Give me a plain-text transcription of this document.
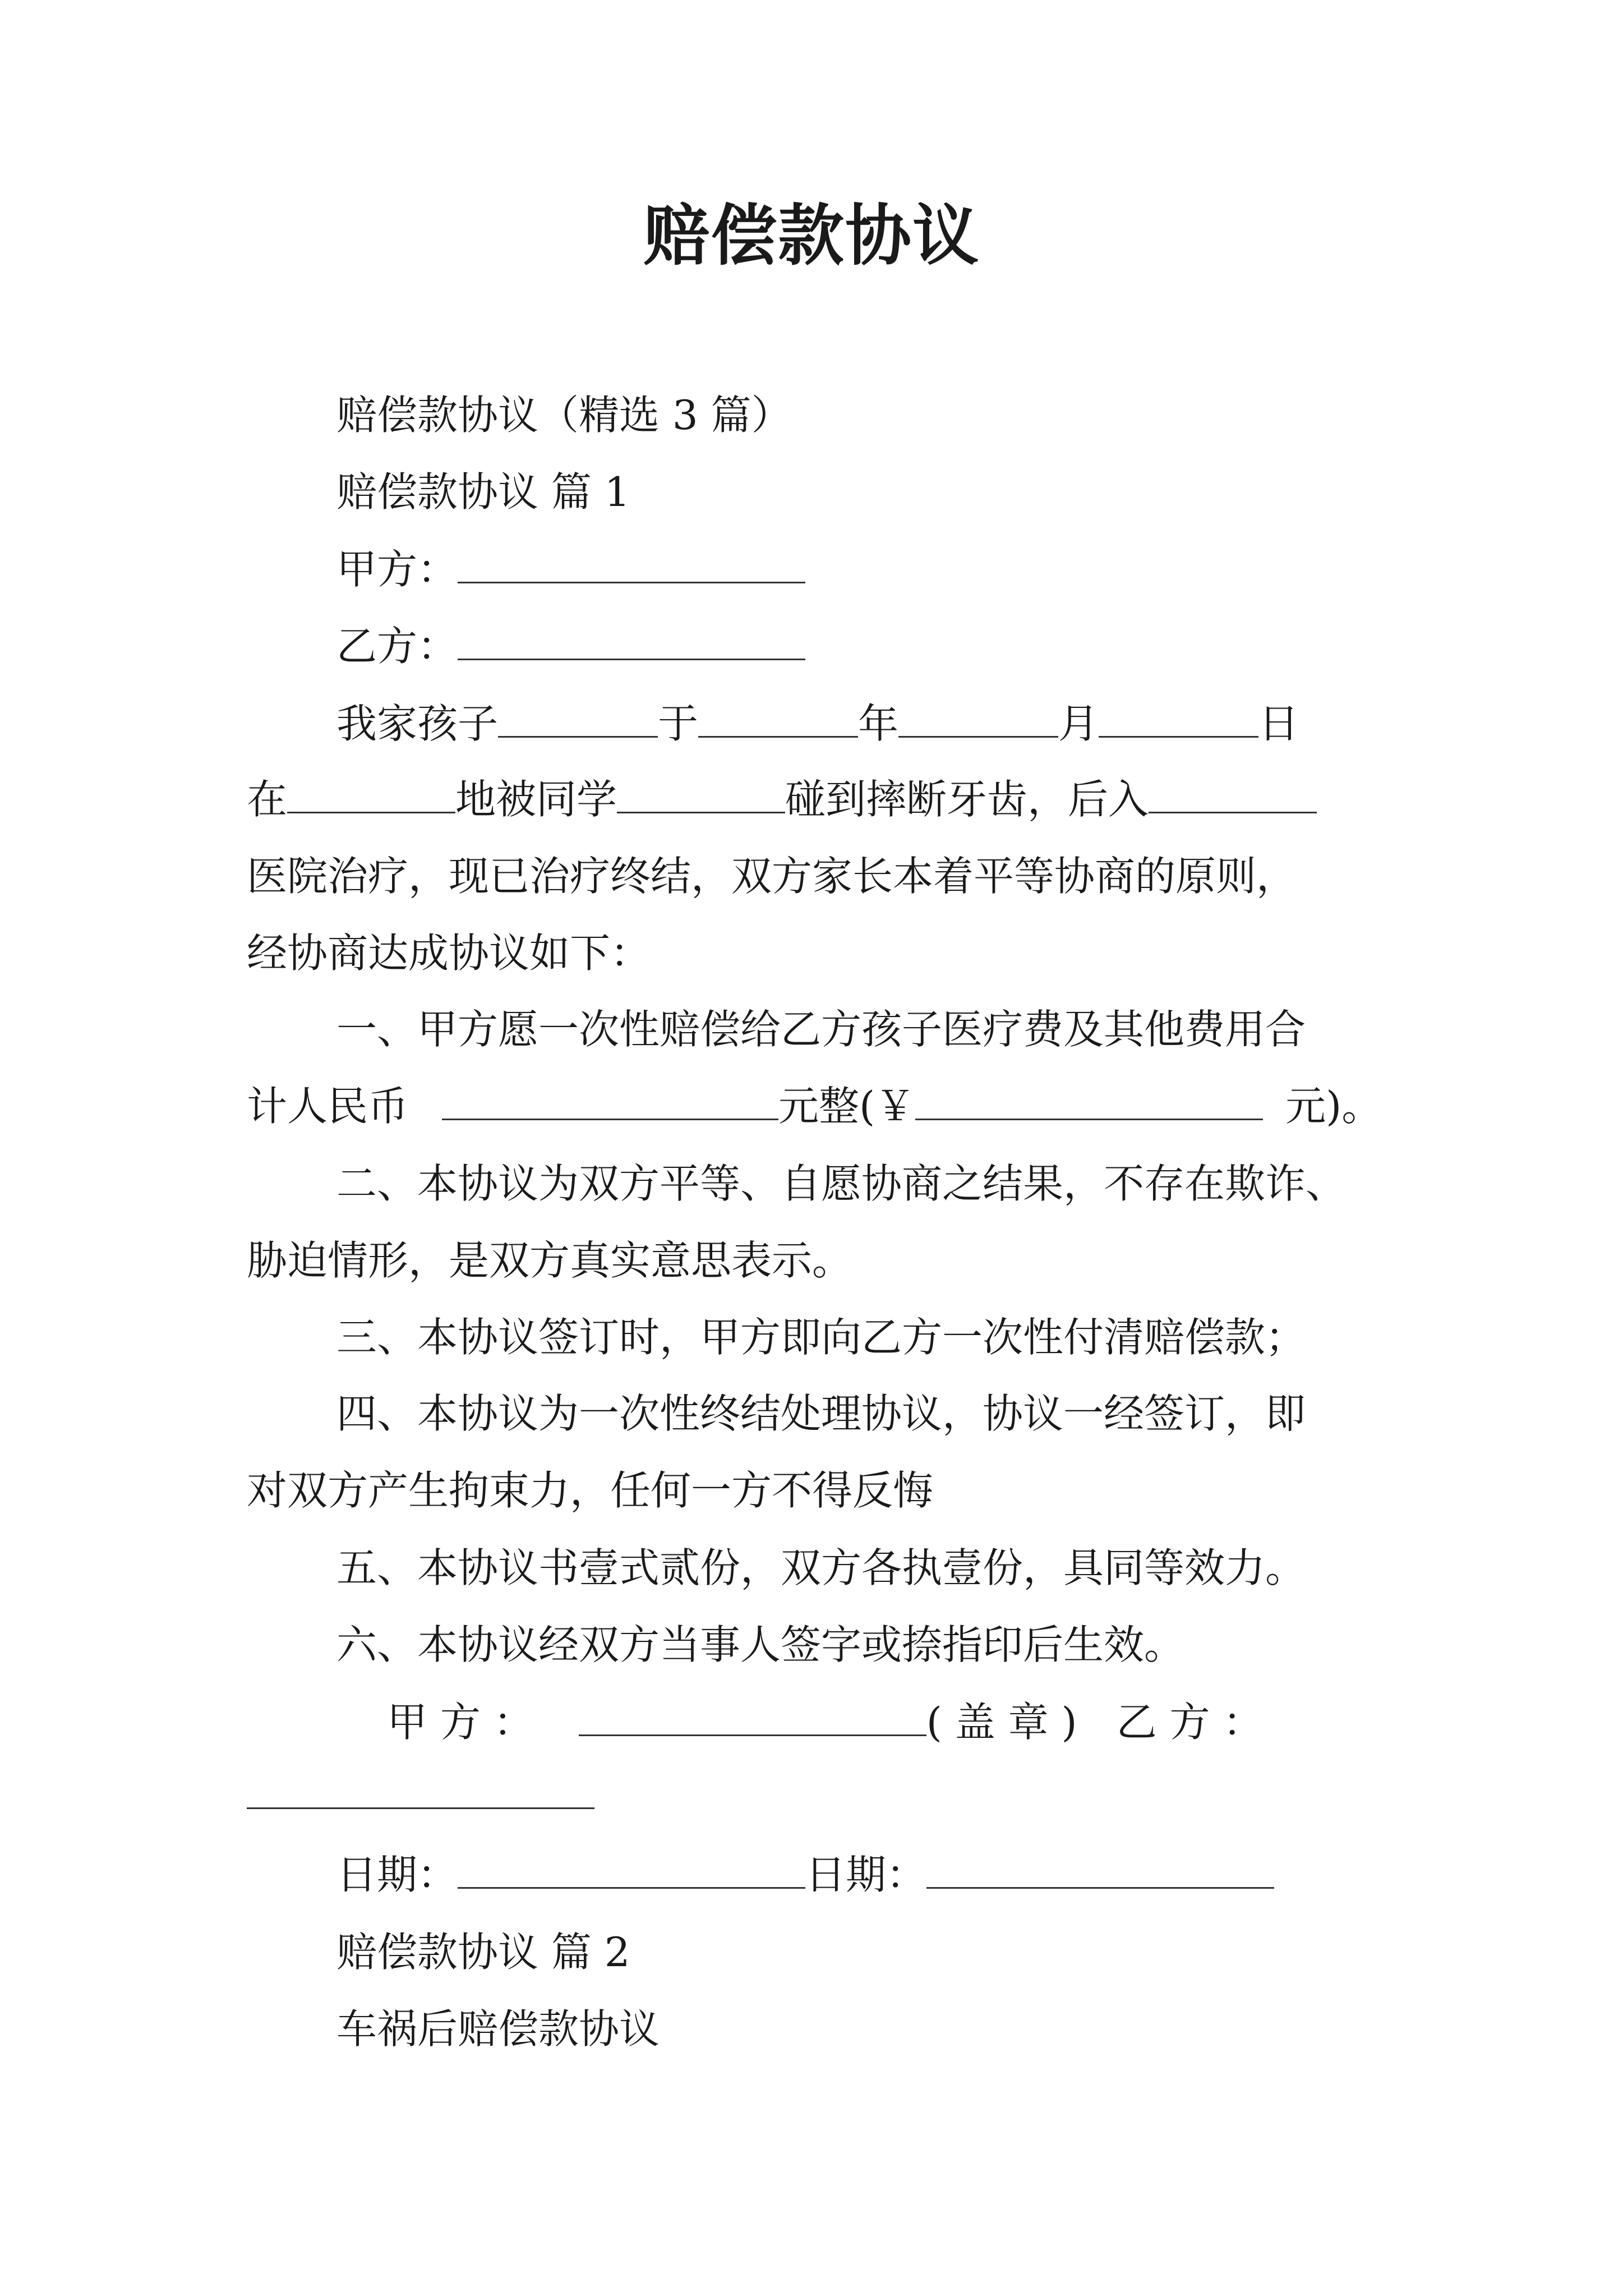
赔偿款协议
赔偿款协议（精选 3 篇）
赔偿款协议 篇 1
甲方：
乙方：
我家孩子	于	年	月	日
在	地被同学	碰到摔断牙齿，后入
医院治疗，现已治疗终结，双方家长本着平等协商的原则，
经协商达成协议如下：
一、甲方愿一次性赔偿给乙方孩子医疗费及其他费用合
计人民币	元整(￥	元)。
二、本协议为双方平等、自愿协商之结果，不存在欺诈、
胁迫情形，是双方真实意思表示。
三、本协议签订时，甲方即向乙方一次性付清赔偿款；
四、本协议为一次性终结处理协议，协议一经签订，即
对双方产生拘束力，任何一方不得反悔
五、本协议书壹式贰份，双方各执壹份，具同等效力。
六、本协议经双方当事人签字或捺指印后生效。
甲 方 ：	( 盖 章 ) 乙 方 ：
日期：	日期：
赔偿款协议 篇 2
车祸后赔偿款协议
